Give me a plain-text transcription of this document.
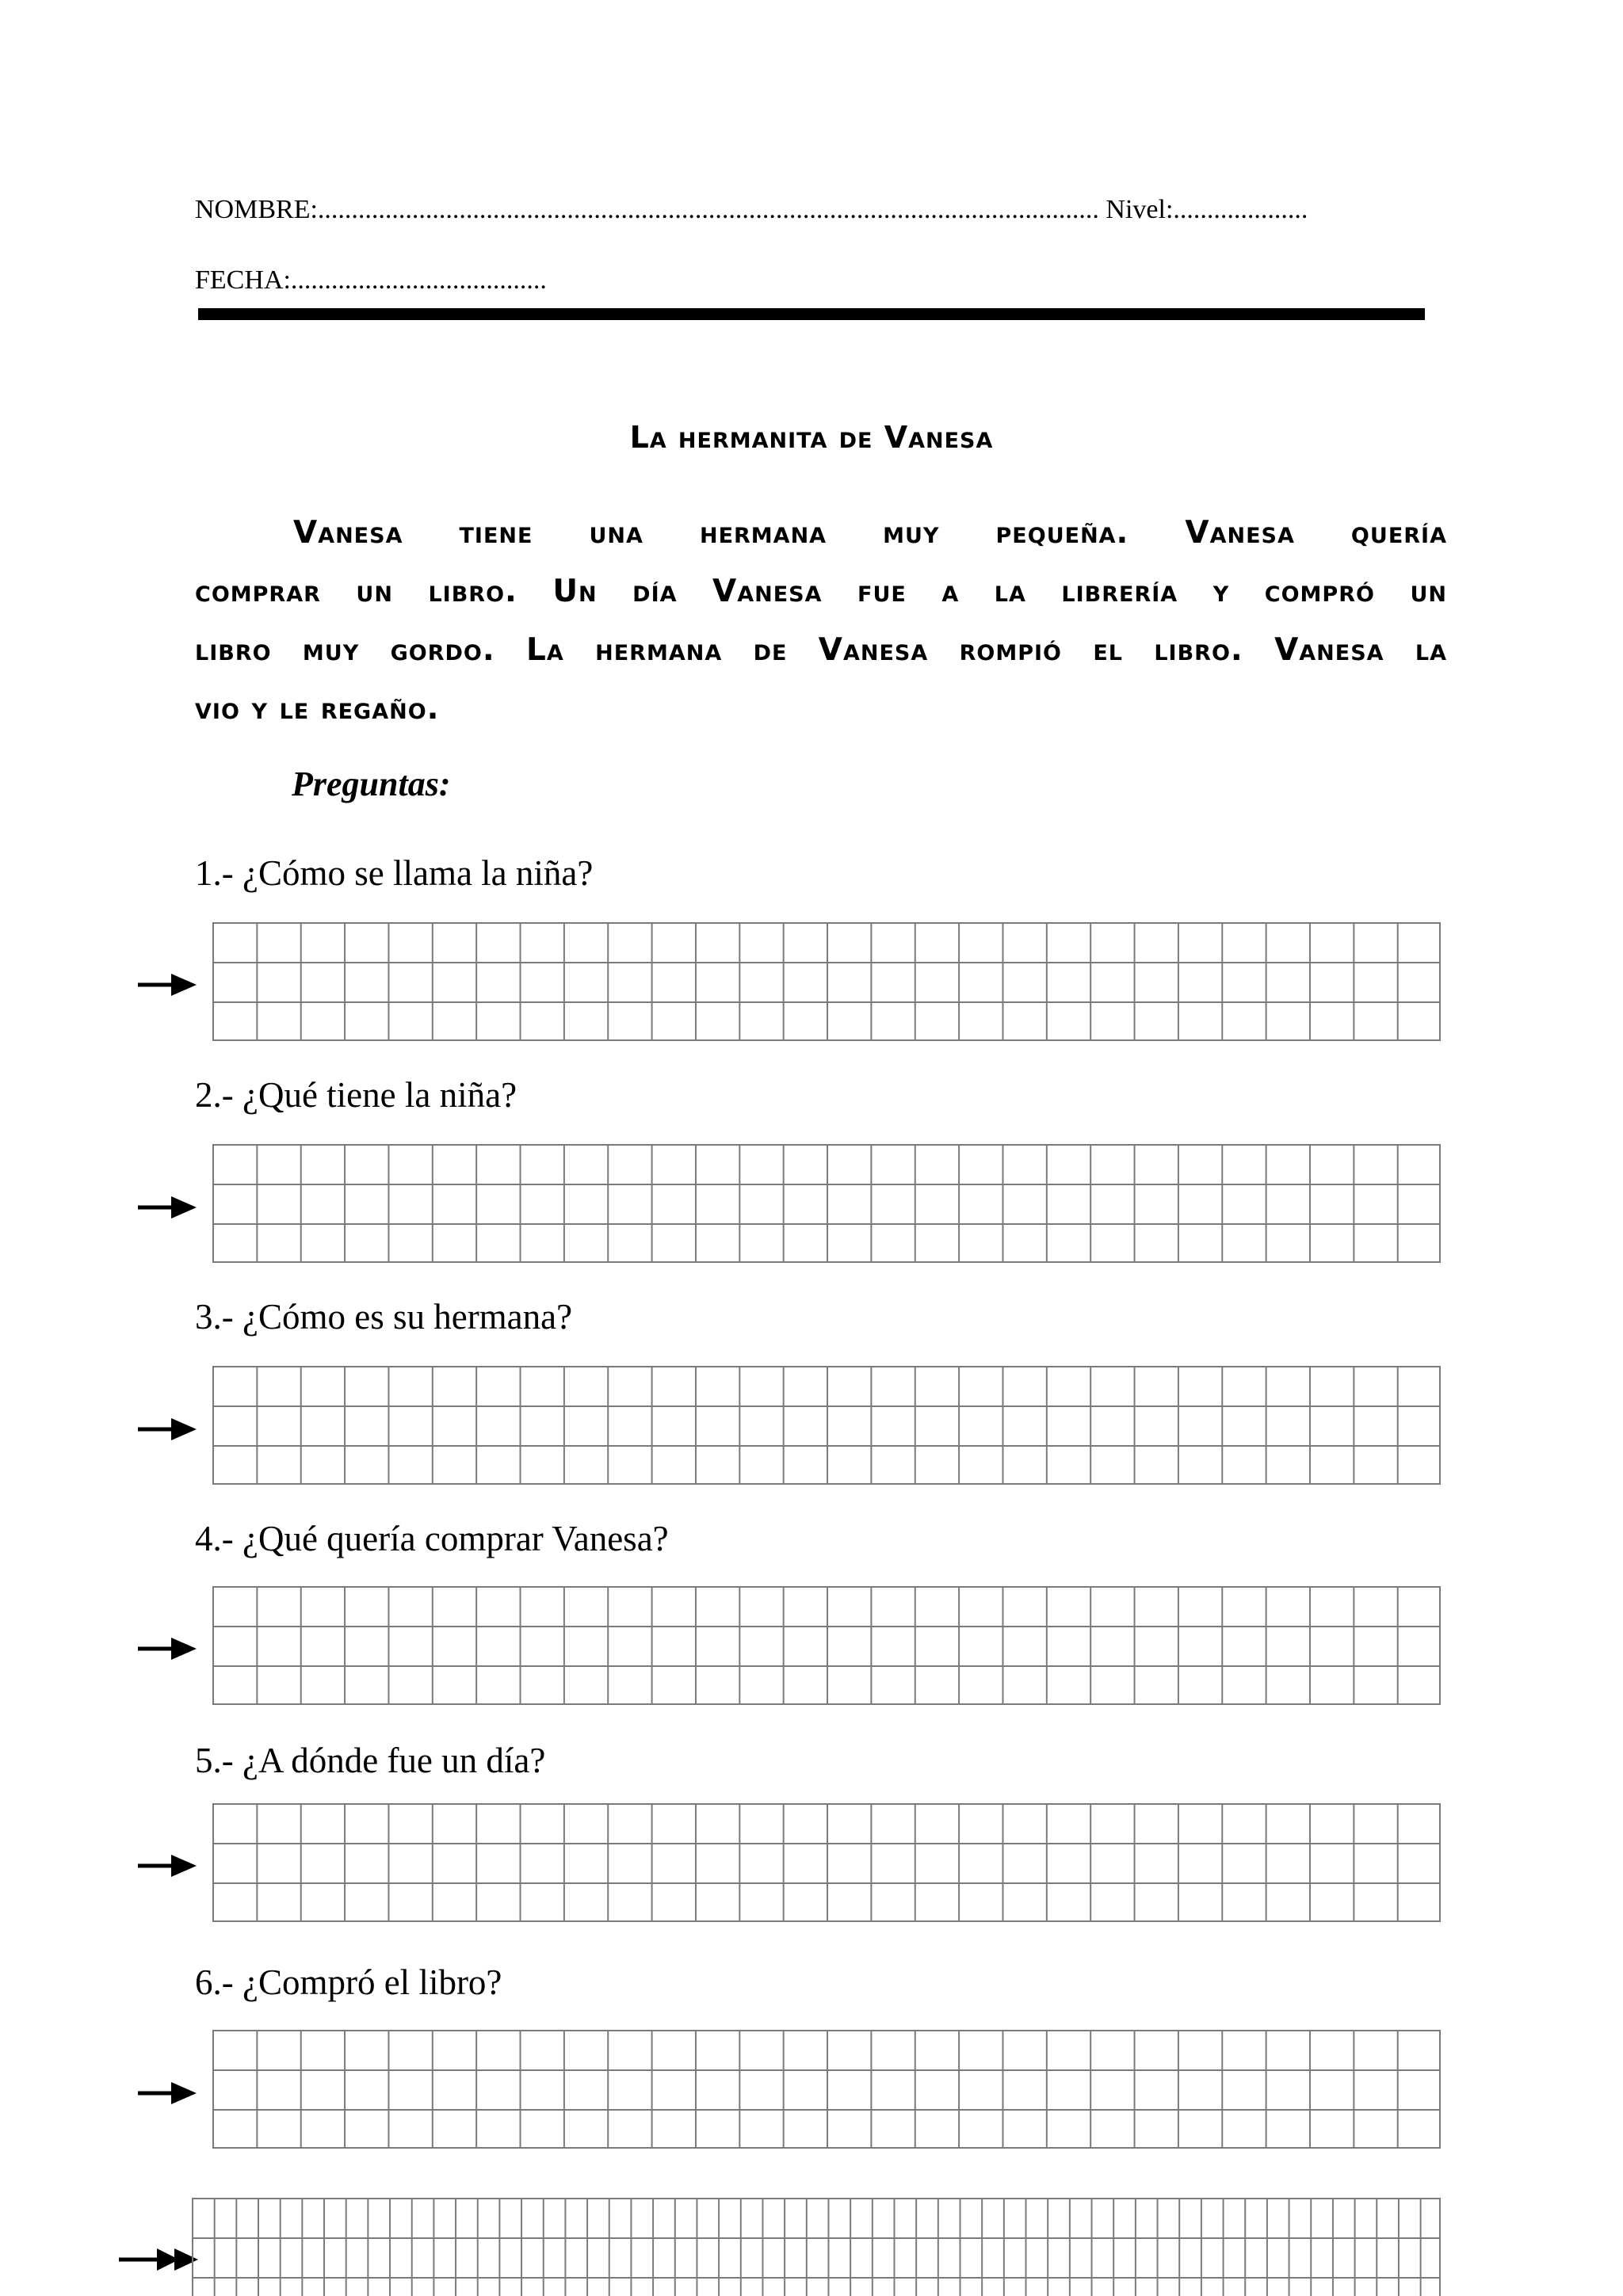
NOMBRE:.................................................................................................................... Nivel:....................
FECHA:......................................
La hermanita de Vanesa
Vanesa tiene una hermana muy pequeña. Vanesa quería
comprar un libro. Un día Vanesa fue a la librería y compró un
libro muy gordo. La hermana de Vanesa rompió el libro. Vanesa la
vio y le regaño.
Preguntas:
1.- ¿Cómo se llama la niña?
2.- ¿Qué tiene la niña?
3.- ¿Cómo es su hermana?
4.- ¿Qué quería comprar Vanesa?
5.- ¿A dónde fue un día?
6.- ¿Compró el libro?
